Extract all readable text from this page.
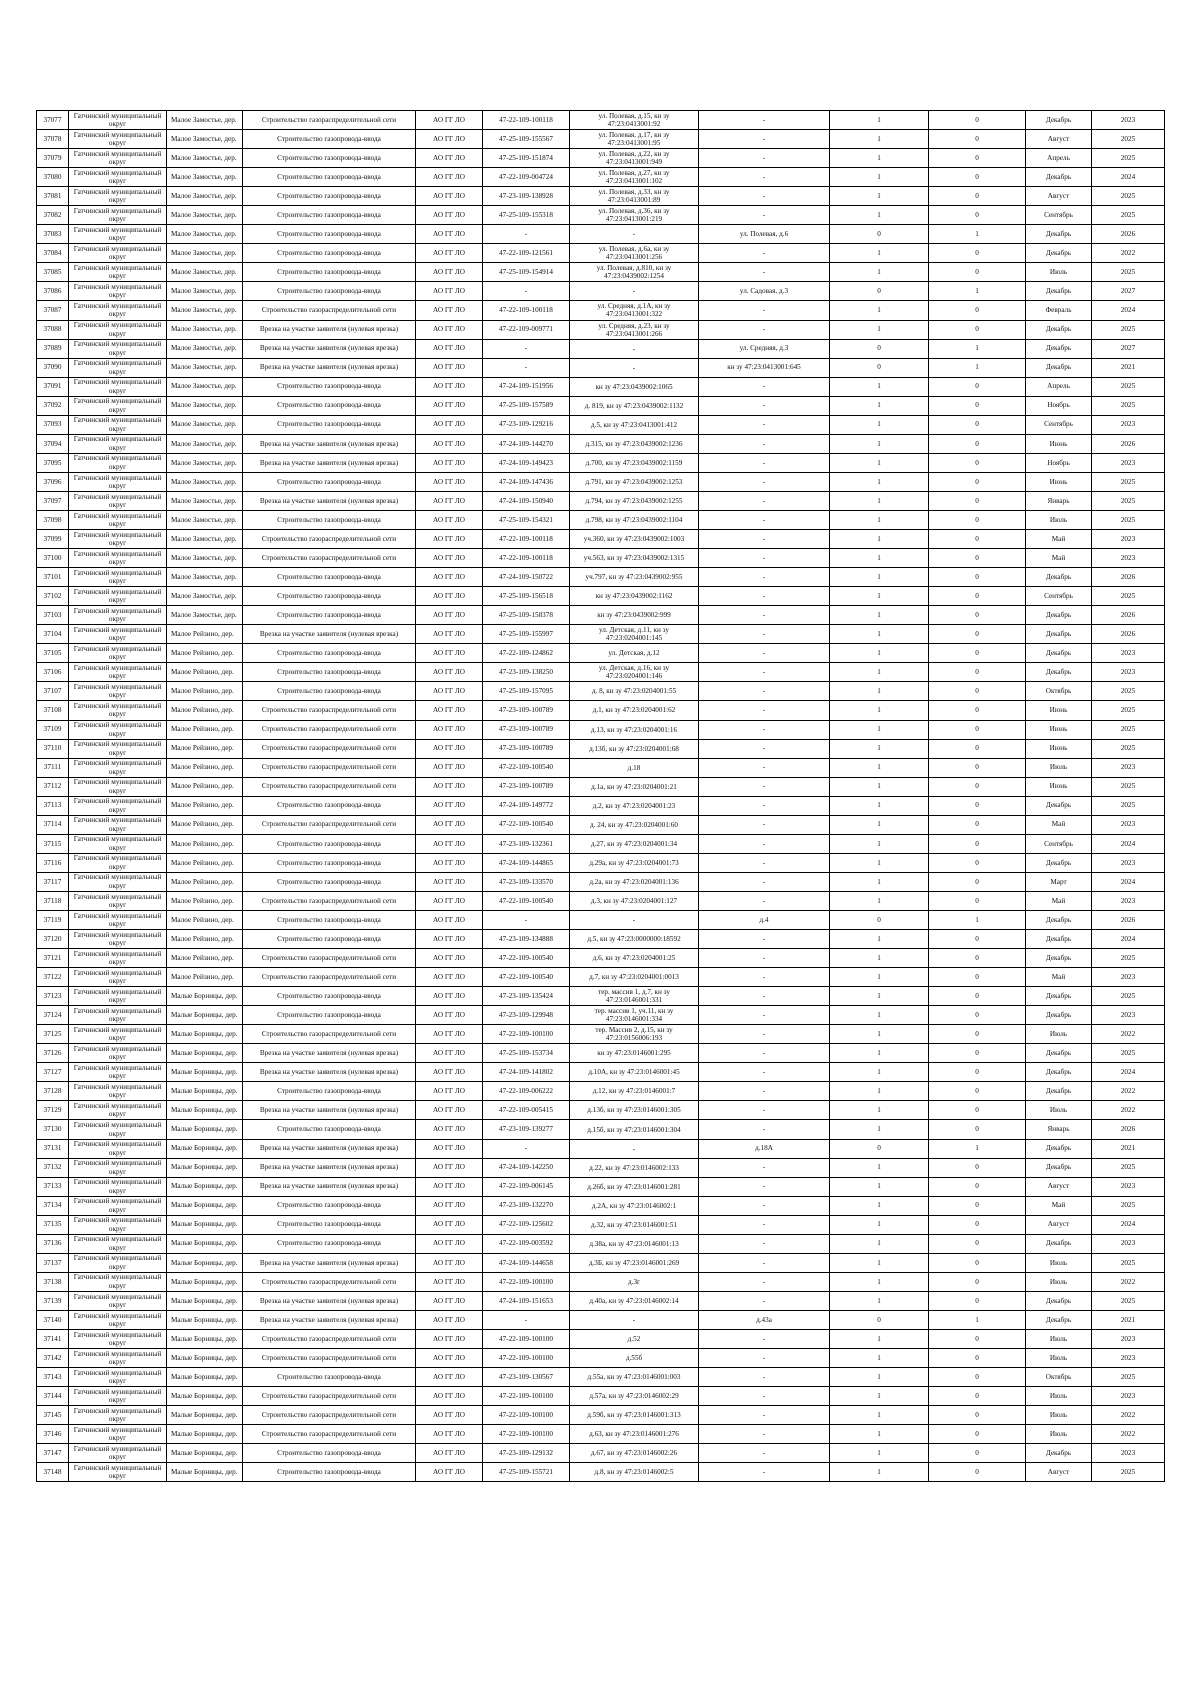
37077	Гатчинский муниципальный округ	Малое Замостье, дер.	Строительство газораспределительной сети	АО ГГ ЛО	47-22-109-100118	ул. Полевая, д.15, кн зу 47:23:0413001:92	-	1	0	Декабрь	2023
37078	Гатчинский муниципальный округ	Малое Замостье, дер.	Строительство газопровода-ввода	АО ГГ ЛО	47-25-109-155567	ул. Полевая, д.17, кн зу 47:23:0413001:95	-	1	0	Август	2025
37079	Гатчинский муниципальный округ	Малое Замостье, дер.	Строительство газопровода-ввода	АО ГГ ЛО	47-25-109-151874	ул. Полевая, д.22, кн зу 47:23:0413001:949	-	1	0	Апрель	2025
37080	Гатчинский муниципальный округ	Малое Замостье, дер.	Строительство газопровода-ввода	АО ГГ ЛО	47-22-109-004724	ул. Полевая, д.27, кн зу 47:23:0413001:102	-	1	0	Декабрь	2024
37081	Гатчинский муниципальный округ	Малое Замостье, дер.	Строительство газопровода-ввода	АО ГГ ЛО	47-23-109-138928	ул. Полевая, д.33, кн зу 47:23:0413001:89	-	1	0	Август	2025
37082	Гатчинский муниципальный округ	Малое Замостье, дер.	Строительство газопровода-ввода	АО ГГ ЛО	47-25-109-155318	ул. Полевая, д.36, кн зу 47:23:0413001:219	-	1	0	Сентябрь	2025
37083	Гатчинский муниципальный округ	Малое Замостье, дер.	Строительство газопровода-ввода	АО ГГ ЛО	-	-	ул. Полевая, д.6	0	1	Декабрь	2026
37084	Гатчинский муниципальный округ	Малое Замостье, дер.	Строительство газопровода-ввода	АО ГГ ЛО	47-22-109-121561	ул. Полевая, д.6а, кн зу 47:23:0413001:256	-	1	0	Декабрь	2022
37085	Гатчинский муниципальный округ	Малое Замостье, дер.	Строительство газопровода-ввода	АО ГГ ЛО	47-25-109-154914	ул. Полевая, д.810, кн зу 47:23:0439002:1254	-	1	0	Июль	2025
37086	Гатчинский муниципальный округ	Малое Замостье, дер.	Строительство газопровода-ввода	АО ГГ ЛО	-	-	ул. Садовая, д.3	0	1	Декабрь	2027
37087	Гатчинский муниципальный округ	Малое Замостье, дер.	Строительство газораспределительной сети	АО ГГ ЛО	47-22-109-100118	ул. Средняя, д.1А, кн зу 47:23:0413001:322	-	1	0	Февраль	2024
37088	Гатчинский муниципальный округ	Малое Замостье, дер.	Врезка на участке заявителя (нулевая врезка)	АО ГГ ЛО	47-22-109-009771	ул. Средняя, д.23, кн зу 47:23:0413001:266	-	1	0	Декабрь	2025
37089	Гатчинский муниципальный округ	Малое Замостье, дер.	Врезка на участке заявителя (нулевая врезка)	АО ГГ ЛО	-	-	ул. Средняя, д.3	0	1	Декабрь	2027
37090	Гатчинский муниципальный округ	Малое Замостье, дер.	Врезка на участке заявителя (нулевая врезка)	АО ГГ ЛО	-	-	кн зу 47:23:0413001:645	0	1	Декабрь	2021
37091	Гатчинский муниципальный округ	Малое Замостье, дер.	Строительство газопровода-ввода	АО ГГ ЛО	47-24-109-151956	кн зу 47:23:0439002:1065	-	1	0	Апрель	2025
37092	Гатчинский муниципальный округ	Малое Замостье, дер.	Строительство газопровода-ввода	АО ГГ ЛО	47-25-109-157589	д. 819, кн зу 47:23:0439002:1132	-	1	0	Ноябрь	2025
37093	Гатчинский муниципальный округ	Малое Замостье, дер.	Строительство газопровода-ввода	АО ГГ ЛО	47-23-109-129216	д.5, кн зу 47:23:0413001:412	-	1	0	Сентябрь	2023
37094	Гатчинский муниципальный округ	Малое Замостье, дер.	Врезка на участке заявителя (нулевая врезка)	АО ГГ ЛО	47-24-109-144270	д.315, кн зу 47:23:0439002:1236	-	1	0	Июнь	2026
37095	Гатчинский муниципальный округ	Малое Замостье, дер.	Врезка на участке заявителя (нулевая врезка)	АО ГГ ЛО	47-24-109-149423	д.700, кн зу 47:23:0439002:1159	-	1	0	Ноябрь	2023
37096	Гатчинский муниципальный округ	Малое Замостье, дер.	Строительство газопровода-ввода	АО ГГ ЛО	47-24-109-147436	д.791, кн зу 47:23:0439002:1253	-	1	0	Июнь	2025
37097	Гатчинский муниципальный округ	Малое Замостье, дер.	Врезка на участке заявителя (нулевая врезка)	АО ГГ ЛО	47-24-109-150940	д.794, кн зу 47:23:0439002:1255	-	1	0	Январь	2025
37098	Гатчинский муниципальный округ	Малое Замостье, дер.	Строительство газопровода-ввода	АО ГГ ЛО	47-25-109-154321	д.798, кн зу 47:23:0439002:1104	-	1	0	Июль	2025
37099	Гатчинский муниципальный округ	Малое Замостье, дер.	Строительство газораспределительной сети	АО ГГ ЛО	47-22-109-100118	уч.360, кн зу 47:23:0439002:1003	-	1	0	Май	2023
37100	Гатчинский муниципальный округ	Малое Замостье, дер.	Строительство газораспределительной сети	АО ГГ ЛО	47-22-109-100118	уч.563, кн зу 47:23:0439002:1315	-	1	0	Май	2023
37101	Гатчинский муниципальный округ	Малое Замостье, дер.	Строительство газопровода-ввода	АО ГГ ЛО	47-24-109-150722	уч.797, кн зу 47:23:0439002:955	-	1	0	Декабрь	2026
37102	Гатчинский муниципальный округ	Малое Замостье, дер.	Строительство газопровода-ввода	АО ГГ ЛО	47-25-109-156518	кн зу 47:23:0439002:1162	-	1	0	Сентябрь	2025
37103	Гатчинский муниципальный округ	Малое Замостье, дер.	Строительство газопровода-ввода	АО ГГ ЛО	47-25-109-158378	кн зу 47:23:0439002:999	-	1	0	Декабрь	2026
37104	Гатчинский муниципальный округ	Малое Рейзино, дер.	Врезка на участке заявителя (нулевая врезка)	АО ГГ ЛО	47-25-109-155997	ул. Детская, д.11, кн зу 47:23:0204001:145	-	1	0	Декабрь	2026
37105	Гатчинский муниципальный округ	Малое Рейзино, дер.	Строительство газопровода-ввода	АО ГГ ЛО	47-22-109-124862	ул. Детская, д.12	-	1	0	Декабрь	2023
37106	Гатчинский муниципальный округ	Малое Рейзино, дер.	Строительство газопровода-ввода	АО ГГ ЛО	47-23-109-138250	ул. Детская, д.16, кн зу 47:23:0204001:146	-	1	0	Декабрь	2023
37107	Гатчинский муниципальный округ	Малое Рейзино, дер.	Строительство газопровода-ввода	АО ГГ ЛО	47-25-109-157095	д. 8, кн зу 47:23:0204001:55	-	1	0	Октябрь	2025
37108	Гатчинский муниципальный округ	Малое Рейзино, дер.	Строительство газораспределительной сети	АО ГГ ЛО	47-23-109-100789	д.1, кн зу 47:23:0204001:62	-	1	0	Июнь	2025
37109	Гатчинский муниципальный округ	Малое Рейзино, дер.	Строительство газораспределительной сети	АО ГГ ЛО	47-23-109-100789	д.13, кн зу 47:23:0204001:16	-	1	0	Июнь	2025
37110	Гатчинский муниципальный округ	Малое Рейзино, дер.	Строительство газораспределительной сети	АО ГГ ЛО	47-23-109-100789	д.13б, кн зу 47:23:0204001:68	-	1	0	Июнь	2025
37111	Гатчинский муниципальный округ	Малое Рейзино, дер.	Строительство газораспределительной сети	АО ГГ ЛО	47-22-109-100540	д.18	-	1	0	Июль	2023
37112	Гатчинский муниципальный округ	Малое Рейзино, дер.	Строительство газораспределительной сети	АО ГГ ЛО	47-23-109-100789	д.1а, кн зу 47:23:0204001:21	-	1	0	Июнь	2025
37113	Гатчинский муниципальный округ	Малое Рейзино, дер.	Строительство газопровода-ввода	АО ГГ ЛО	47-24-109-149772	д.2, кн зу 47:23:0204001:23	-	1	0	Декабрь	2025
37114	Гатчинский муниципальный округ	Малое Рейзино, дер.	Строительство газораспределительной сети	АО ГГ ЛО	47-22-109-100540	д. 24, кн зу 47:23:0204001:60	-	1	0	Май	2023
37115	Гатчинский муниципальный округ	Малое Рейзино, дер.	Строительство газопровода-ввода	АО ГГ ЛО	47-23-109-132361	д.27, кн зу 47:23:0204001:34	-	1	0	Сентябрь	2024
37116	Гатчинский муниципальный округ	Малое Рейзино, дер.	Строительство газопровода-ввода	АО ГГ ЛО	47-24-109-144865	д.29а, кн зу 47:23:0204001:73	-	1	0	Декабрь	2023
37117	Гатчинский муниципальный округ	Малое Рейзино, дер.	Строительство газопровода-ввода	АО ГГ ЛО	47-23-109-133570	д.2а, кн зу 47:23:0204001:136	-	1	0	Март	2024
37118	Гатчинский муниципальный округ	Малое Рейзино, дер.	Строительство газораспределительной сети	АО ГГ ЛО	47-22-109-100540	д.3, кн зу 47:23:0204001:127	-	1	0	Май	2023
37119	Гатчинский муниципальный округ	Малое Рейзино, дер.	Строительство газопровода-ввода	АО ГГ ЛО	-	-	д.4	0	1	Декабрь	2026
37120	Гатчинский муниципальный округ	Малое Рейзино, дер.	Строительство газопровода-ввода	АО ГГ ЛО	47-23-109-134888	д.5, кн зу 47:23:0000000:18592	-	1	0	Декабрь	2024
37121	Гатчинский муниципальный округ	Малое Рейзино, дер.	Строительство газораспределительной сети	АО ГГ ЛО	47-22-109-100540	д.6, кн зу 47:23:0204001:25	-	1	0	Декабрь	2025
37122	Гатчинский муниципальный округ	Малое Рейзино, дер.	Строительство газораспределительной сети	АО ГГ ЛО	47-22-109-100540	д.7, кн зу 47:23:0204001:0013	-	1	0	Май	2023
37123	Гатчинский муниципальный округ	Малые Борницы, дер.	Строительство газопровода-ввода	АО ГГ ЛО	47-23-109-135424	тер. массив 1, д.7, кн зу 47:23:0146001:331	-	1	0	Декабрь	2025
37124	Гатчинский муниципальный округ	Малые Борницы, дер.	Строительство газопровода-ввода	АО ГГ ЛО	47-23-109-129948	тер. массив 1, уч.11, кн зу 47:23:0146001:334	-	1	0	Декабрь	2023
37125	Гатчинский муниципальный округ	Малые Борницы, дер.	Строительство газораспределительной сети	АО ГГ ЛО	47-22-109-100100	тер. Массив 2, д.15, кн зу 47:23:0156006:193	-	1	0	Июль	2022
37126	Гатчинский муниципальный округ	Малые Борницы, дер.	Врезка на участке заявителя (нулевая врезка)	АО ГГ ЛО	47-25-109-153734	кн зу 47:23:0146001:295	-	1	0	Декабрь	2025
37127	Гатчинский муниципальный округ	Малые Борницы, дер.	Врезка на участке заявителя (нулевая врезка)	АО ГГ ЛО	47-24-109-141802	д.10А, кн зу 47:23:0146001:45	-	1	0	Декабрь	2024
37128	Гатчинский муниципальный округ	Малые Борницы, дер.	Строительство газопровода-ввода	АО ГГ ЛО	47-22-109-006222	д.12, кн зу 47:23:0146001:7	-	1	0	Декабрь	2022
37129	Гатчинский муниципальный округ	Малые Борницы, дер.	Врезка на участке заявителя (нулевая врезка)	АО ГГ ЛО	47-22-109-005415	д.13б, кн зу 47:23:0146001:305	-	1	0	Июль	2022
37130	Гатчинский муниципальный округ	Малые Борницы, дер.	Строительство газопровода-ввода	АО ГГ ЛО	47-23-109-139277	д.15б, кн зу 47:23:0146001:304	-	1	0	Январь	2026
37131	Гатчинский муниципальный округ	Малые Борницы, дер.	Врезка на участке заявителя (нулевая врезка)	АО ГГ ЛО	-	-	д.18А	0	1	Декабрь	2021
37132	Гатчинский муниципальный округ	Малые Борницы, дер.	Врезка на участке заявителя (нулевая врезка)	АО ГГ ЛО	47-24-109-142250	д.22, кн зу 47:23:0146002:133	-	1	0	Декабрь	2025
37133	Гатчинский муниципальный округ	Малые Борницы, дер.	Врезка на участке заявителя (нулевая врезка)	АО ГГ ЛО	47-22-109-006145	д.26б, кн зу 47:23:0146001:281	-	1	0	Август	2023
37134	Гатчинский муниципальный округ	Малые Борницы, дер.	Строительство газопровода-ввода	АО ГГ ЛО	47-23-109-132270	д.2А, кн зу 47:23:0146002:1	-	1	0	Май	2025
37135	Гатчинский муниципальный округ	Малые Борницы, дер.	Строительство газопровода-ввода	АО ГГ ЛО	47-22-109-125602	д.32, кн зу 47:23:0146001:51	-	1	0	Август	2024
37136	Гатчинский муниципальный округ	Малые Борницы, дер.	Строительство газопровода-ввода	АО ГГ ЛО	47-22-109-003592	д.38а, кн зу 47:23:0146001:13	-	1	0	Декабрь	2023
37137	Гатчинский муниципальный округ	Малые Борницы, дер.	Врезка на участке заявителя (нулевая врезка)	АО ГГ ЛО	47-24-109-144658	д.3Б, кн зу 47:23:0146001:269	-	1	0	Июль	2025
37138	Гатчинский муниципальный округ	Малые Борницы, дер.	Строительство газораспределительной сети	АО ГГ ЛО	47-22-109-100100	д.3г	-	1	0	Июль	2022
37139	Гатчинский муниципальный округ	Малые Борницы, дер.	Врезка на участке заявителя (нулевая врезка)	АО ГГ ЛО	47-24-109-151653	д.40а, кн зу 47:23:0146002:14	-	1	0	Декабрь	2025
37140	Гатчинский муниципальный округ	Малые Борницы, дер.	Врезка на участке заявителя (нулевая врезка)	АО ГГ ЛО	-	-	д.43а	0	1	Декабрь	2021
37141	Гатчинский муниципальный округ	Малые Борницы, дер.	Строительство газораспределительной сети	АО ГГ ЛО	47-22-109-100100	д.52	-	1	0	Июль	2023
37142	Гатчинский муниципальный округ	Малые Борницы, дер.	Строительство газораспределительной сети	АО ГГ ЛО	47-22-109-100100	д.55б	-	1	0	Июль	2023
37143	Гатчинский муниципальный округ	Малые Борницы, дер.	Строительство газопровода-ввода	АО ГГ ЛО	47-23-109-130567	д.55а, кн зу 47:23:0146001:003	-	1	0	Октябрь	2025
37144	Гатчинский муниципальный округ	Малые Борницы, дер.	Строительство газораспределительной сети	АО ГГ ЛО	47-22-109-100100	д.57а, кн зу 47:23:0146002:29	-	1	0	Июль	2023
37145	Гатчинский муниципальный округ	Малые Борницы, дер.	Строительство газораспределительной сети	АО ГГ ЛО	47-22-109-100100	д.59б, кн зу 47:23:0146001:313	-	1	0	Июль	2022
37146	Гатчинский муниципальный округ	Малые Борницы, дер.	Строительство газораспределительной сети	АО ГГ ЛО	47-22-109-100100	д.63, кн зу 47:23:0146001:276	-	1	0	Июль	2022
37147	Гатчинский муниципальный округ	Малые Борницы, дер.	Строительство газопровода-ввода	АО ГГ ЛО	47-23-109-129132	д.67, кн зу 47:23:0146002:26	-	1	0	Декабрь	2023
37148	Гатчинский муниципальный округ	Малые Борницы, дер.	Строительство газопровода-ввода	АО ГГ ЛО	47-25-109-155721	д.8, кн зу 47:23:0146002:5	-	1	0	Август	2025
